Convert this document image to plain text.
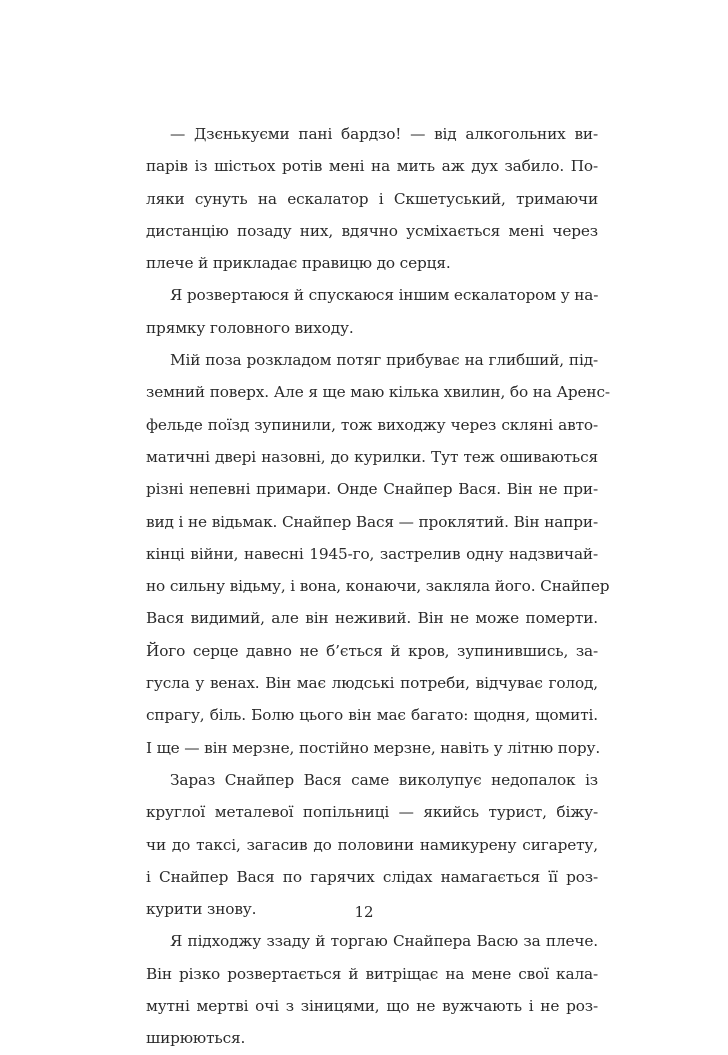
— Дзєнькуєми пані бардзо! — від алкогольних ви-
парів із шістьох ротів мені на мить аж дух забило. По-
ляки сунуть на ескалатор і Скшетуський, тримаючи
дистанцію позаду них, вдячно усміхається мені через
плече й прикладає правицю до серця.
Я розвертаюся й спускаюся іншим ескалатором у на-
прямку головного виходу.
Мій поза розкладом потяг прибуває на глибший, під-
земний поверх. Але я ще маю кілька хвилин, бо на Аренс-
фельде поїзд зупинили, тож виходжу через скляні авто-
матичні двері назовні, до курилки. Тут теж ошиваються
різні непевні примари. Онде Снайпер Вася. Він не при-
вид і не відьмак. Снайпер Вася — проклятий. Він напри-
кінці війни, навесні 1945-го, застрелив одну надзвичай-
но сильну відьму, і вона, конаючи, закляла його. Снайпер
Вася видимий, але він неживий. Він не може померти.
Його серце давно не б’ється й кров, зупинившись, за-
гусла у венах. Він має людські потреби, відчуває голод,
спрагу, біль. Болю цього він має багато: щодня, щомиті.
І ще — він мерзне, постійно мерзне, навіть у літню пору.
Зараз Снайпер Вася саме виколупує недопалок із
круглої металевої попільниці — якийсь турист, біжу-
чи до таксі, загасив до половини намикурену сигарету,
і Снайпер Вася по гарячих слідах намагається її роз-
курити знову.
Я підходжу ззаду й торгаю Снайпера Васю за плече.
Він різко розвертається й витріщає на мене свої кала-
мутні мертві очі з зіницями, що не вужчають і не роз-
ширюються.
12
